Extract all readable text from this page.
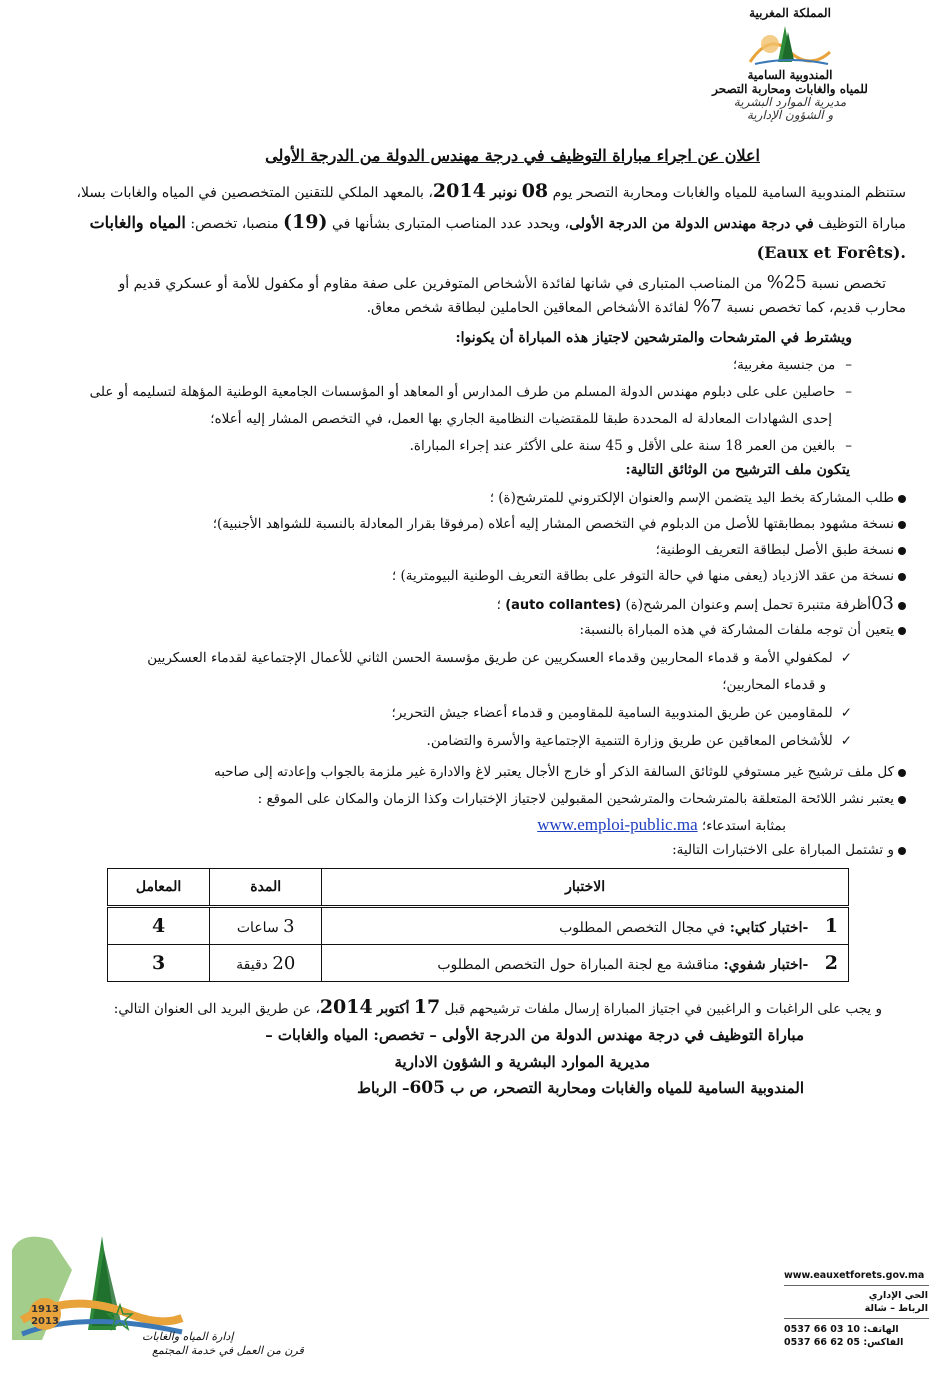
المملكة المغربية
المندوبية السامية
للمياه والغابات ومحاربة التصحر
مديرية الموارد البشرية
و الشؤون الإدارية
اعلان عن اجراء مباراة التوظيف في درجة مهندس الدولة من الدرجة الأولى
ستنظم المندوبية السامية للمياه والغابات ومحاربة التصحر يوم 08 نونبر 2014، بالمعهد الملكي للتقنين المتخصصين في المياه والغابات بسلا،
مباراة التوظيف في درجة مهندس الدولة من الدرجة الأولى، ويحدد عدد المناصب المتبارى بشأنها في (19) منصبا، تخصص: المياه والغابات
(Eaux et Forêts).
تخصص نسبة 25% من المناصب المتبارى في شانها لفائدة الأشخاص المتوفرين على صفة مقاوم أو مكفول للأمة أو عسكري قديم أو
محارب قديم، كما تخصص نسبة 7% لفائدة الأشخاص المعاقين الحاملين لبطاقة شخص معاق.
ويشترط في المترشحات والمترشحين لاجتياز هذه المباراة أن يكونوا:
–من جنسية مغربية؛
–حاصلين على على دبلوم مهندس الدولة المسلم من طرف المدارس أو المعاهد أو المؤسسات الجامعية الوطنية المؤهلة لتسليمه أو على
إحدى الشهادات المعادلة له المحددة طبقا للمقتضيات النظامية الجاري بها العمل، في التخصص المشار إليه أعلاه؛
–بالغين من العمر 18 سنة على الأقل و 45 سنة على الأكثر عند إجراء المباراة.
يتكون ملف الترشيح من الوثائق التالية:
طلب المشاركة بخط اليد يتضمن الإسم والعنوان الإلكتروني للمترشح(ة) ؛
نسخة مشهود بمطابقتها للأصل من الدبلوم في التخصص المشار إليه أعلاه (مرفوقا بقرار المعادلة بالنسبة للشواهد الأجنبية)؛
نسخة طبق الأصل لبطاقة التعريف الوطنية؛
نسخة من عقد الازدياد (يعفى منها في حالة التوفر على بطاقة التعريف الوطنية البيومترية) ؛
03أظرفة متنبرة تحمل إسم وعنوان المرشح(ة) (auto collantes) ؛
يتعين أن توجه ملفات المشاركة في هذه المباراة بالنسبة:
✓لمكفولي الأمة و قدماء المحاربين وقدماء العسكريين عن طريق مؤسسة الحسن الثاني للأعمال الإجتماعية لقدماء العسكريين
و قدماء المحاربين؛
✓للمقاومين عن طريق المندوبية السامية للمقاومين و قدماء أعضاء جيش التحرير؛
✓للأشخاص المعاقين عن طريق وزارة التنمية الإجتماعية والأسرة والتضامن.
كل ملف ترشيح غير مستوفي للوثائق السالفة الذكر أو خارج الأجال يعتبر لاغ والادارة غير ملزمة بالجواب وإعادته إلى صاحبه
يعتبر نشر اللائحة المتعلقة بالمترشحات والمترشحين المقبولين لاجتياز الإختبارات وكذا الزمان والمكان على الموقع :
بمثابة استدعاء؛ www.emploi-public.ma
و تشتمل المباراة على الاختبارات التالية:
الاختبار	المدة	المعامل
1 -اختبار كتابي: في مجال التخصص المطلوب	3 ساعات	4
2 -اختبار شفوي: مناقشة مع لجنة المباراة حول التخصص المطلوب	20 دقيقة	3
و يجب على الراغبات و الراغبين في اجتياز المباراة إرسال ملفات ترشيحهم قبل 17 أكتوبر 2014، عن طريق البريد الى العنوان التالي:
مباراة التوظيف في درجة مهندس الدولة من الدرجة الأولى – تخصص: المياه والغابات –
مديرية الموارد البشرية و الشؤون الادارية
المندوبية السامية للمياه والغابات ومحاربة التصحر، ص ب 605– الرباط
1913
2013
إدارة المياه والغابات
قرن من العمل في خدمة المجتمع
www.eauxetforets.gov.ma
الحي الإداري
الرباط – شالة
الهاتف: 0537 66 03 10
الفاكس: 0537 66 62 05
